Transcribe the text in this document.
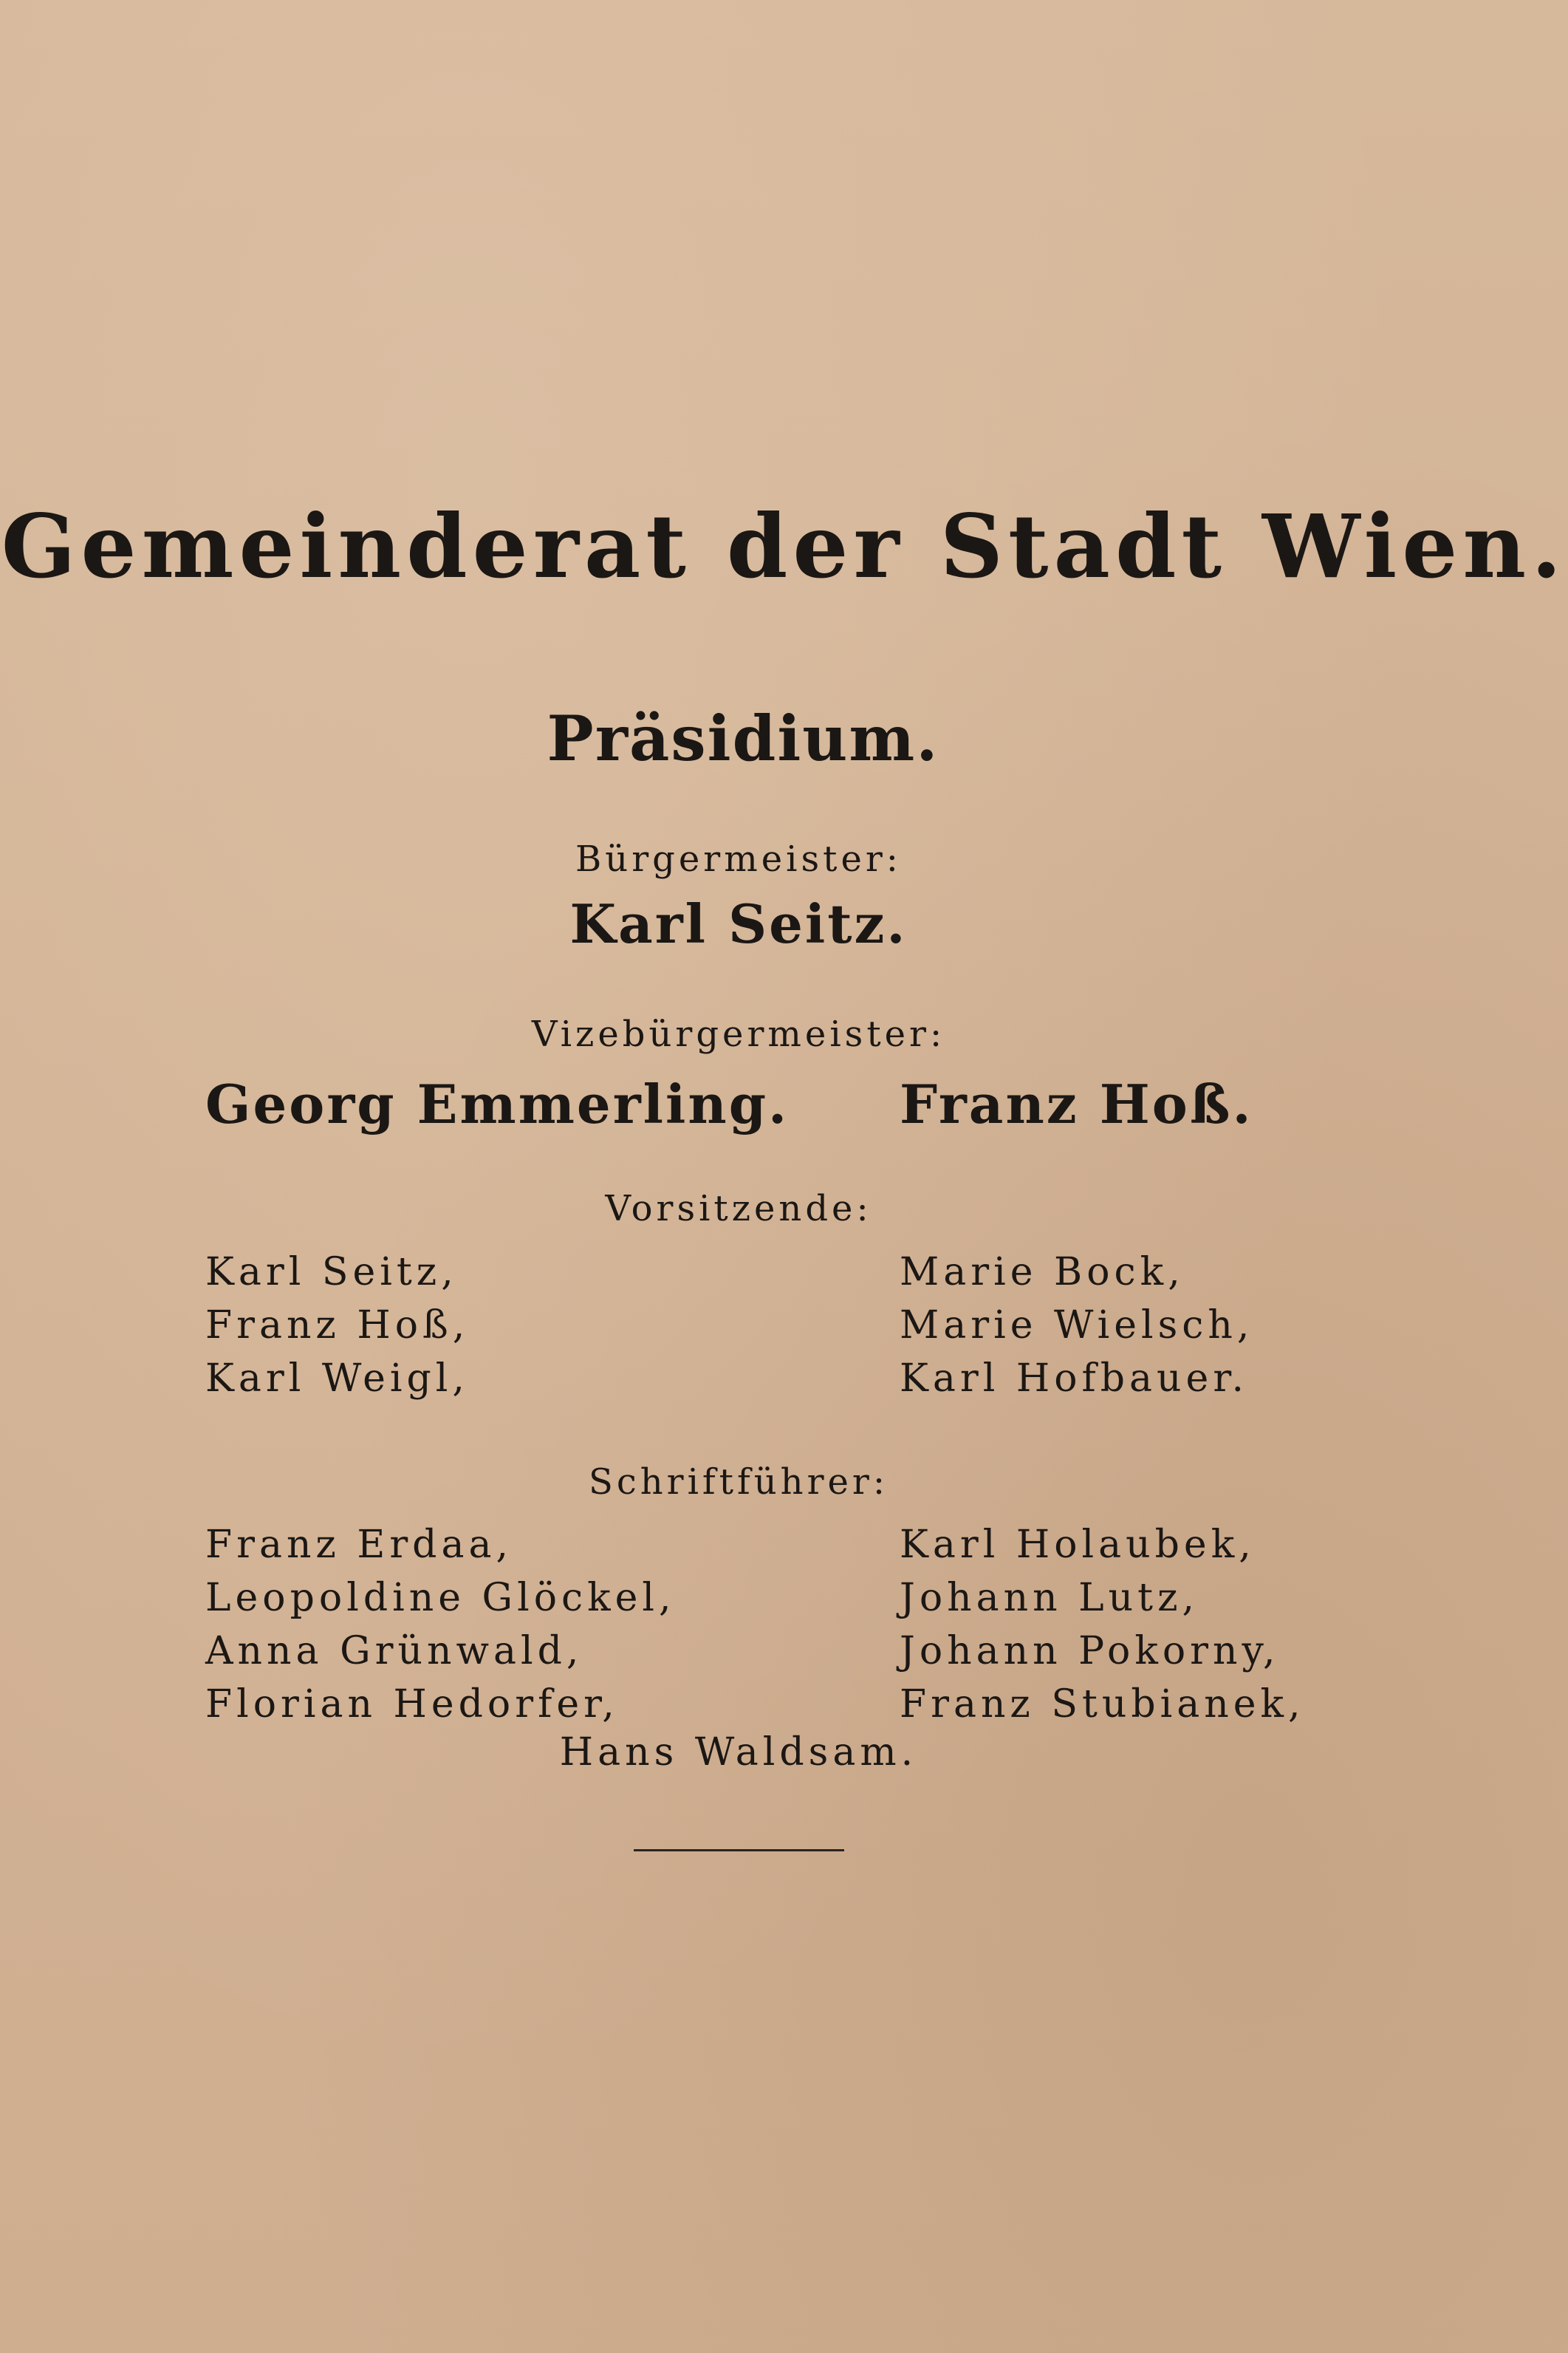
Gemeinderat der Stadt Wien.
Präsidium.
Bürgermeister:
Karl Seitz.
Vizebürgermeister:
Georg Emmerling. Franz Hoß.
Vorsitzende:
Karl Seitz,
Franz Hoß,
Karl Weigl,
Marie Bock,
Marie Wielsch,
Karl Hofbauer.
Schriftführer:
Franz Erdaa,
Leopoldine Glöckel,
Anna Grünwald,
Florian Hedorfer,
Karl Holaubek,
Johann Lutz,
Johann Pokorny,
Franz Stubianek,
Hans Waldsam.
